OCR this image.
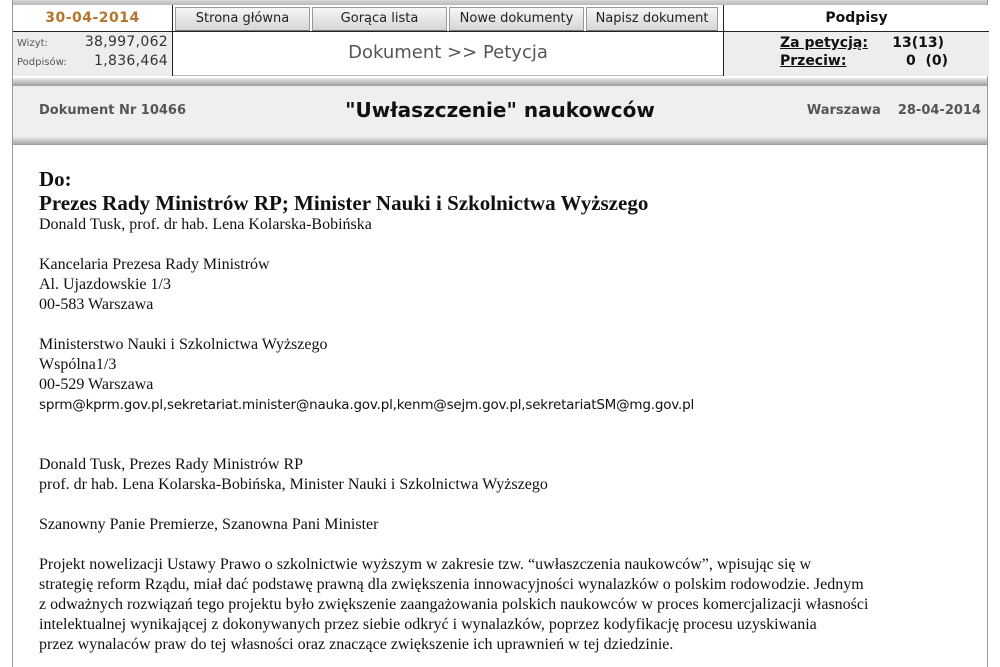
30-04-2014
Wizyt:	38,997,062
Podpisów: 1,836,464
Strona główna	Gorąca lista	Nowe dokumenty	Napisz dokument
Dokument >> Petycja
Podpisy
Za petycją:	13(13)
Przeciw:	0  (0)
Dokument Nr 10466	"Uwłaszczenie" naukowców	Warszawa  28-04-2014
Do:
Prezes Rady Ministrów RP; Minister Nauki i Szkolnictwa Wyższego
Donald Tusk, prof. dr hab. Lena Kolarska-Bobińska
Kancelaria Prezesa Rady Ministrów
Al. Ujazdowskie 1/3
00-583 Warszawa
Ministerstwo Nauki i Szkolnictwa Wyższego
Wspólna1/3
00-529 Warszawa
sprm@kprm.gov.pl,sekretariat.minister@nauka.gov.pl,kenm@sejm.gov.pl,sekretariatSM@mg.gov.pl
Donald Tusk, Prezes Rady Ministrów RP
prof. dr hab. Lena Kolarska-Bobińska, Minister Nauki i Szkolnictwa Wyższego
Szanowny Panie Premierze, Szanowna Pani Minister
Projekt nowelizacji Ustawy Prawo o szkolnictwie wyższym w zakresie tzw. “uwłaszczenia naukowców”, wpisując się w
strategię reform Rządu, miał dać podstawę prawną dla zwiększenia innowacyjności wynalazków o polskim rodowodzie. Jednym
z odważnych rozwiązań tego projektu było zwiększenie zaangażowania polskich naukowców w proces komercjalizacji własności
intelektualnej wynikającej z dokonywanych przez siebie odkryć i wynalazków, poprzez kodyfikację procesu uzyskiwania
przez wynalaców praw do tej własności oraz znaczące zwiększenie ich uprawnień w tej dziedzinie.
